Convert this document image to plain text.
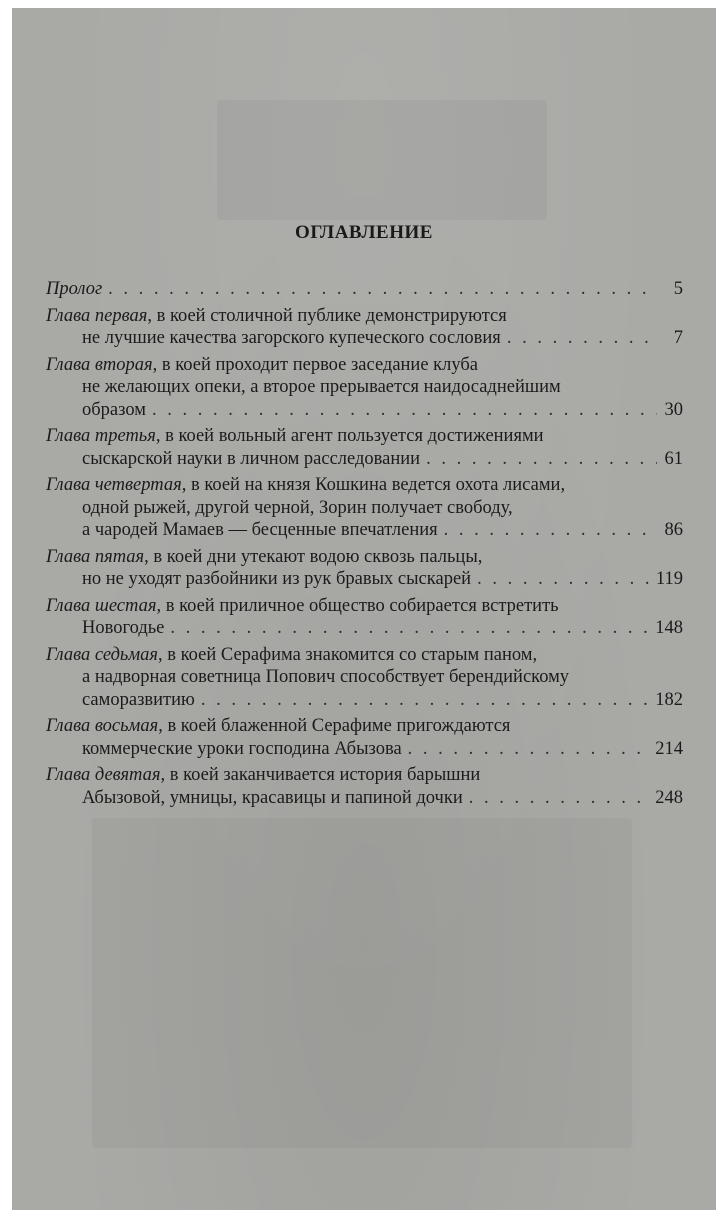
ОГЛАВЛЕНИЕ
Пролог . . .	5
Глава первая , в коей столичной публике демонстрируются
не лучшие качества загорского купеческого сословия . . .	7
Глава вторая , в коей проходит первое заседание клуба
не желающих опеки, а второе прерывается наидосаднейшим
образом . . .	30
Глава третья , в коей вольный агент пользуется достижениями
сыскарской науки в личном расследовании . . .	61
Глава четвертая , в коей на князя Кошкина ведется охота лисами,
одной рыжей, другой черной, Зорин получает свободу,
а чародей Мамаев — бесценные впечатления . . .	86
Глава пятая , в коей дни утекают водою сквозь пальцы,
но не уходят разбойники из рук бравых сыскарей . . .	119
Глава шестая , в коей приличное общество собирается встретить
Новогодье . . .	148
Глава седьмая , в коей Серафима знакомится со старым паном,
а надворная советница Попович способствует берендийскому
саморазвитию . . .	182
Глава восьмая , в коей блаженной Серафиме пригождаются
коммерческие уроки господина Абызова . . .	214
Глава девятая , в коей заканчивается история барышни
Абызовой, умницы, красавицы и папиной дочки . . .	248
